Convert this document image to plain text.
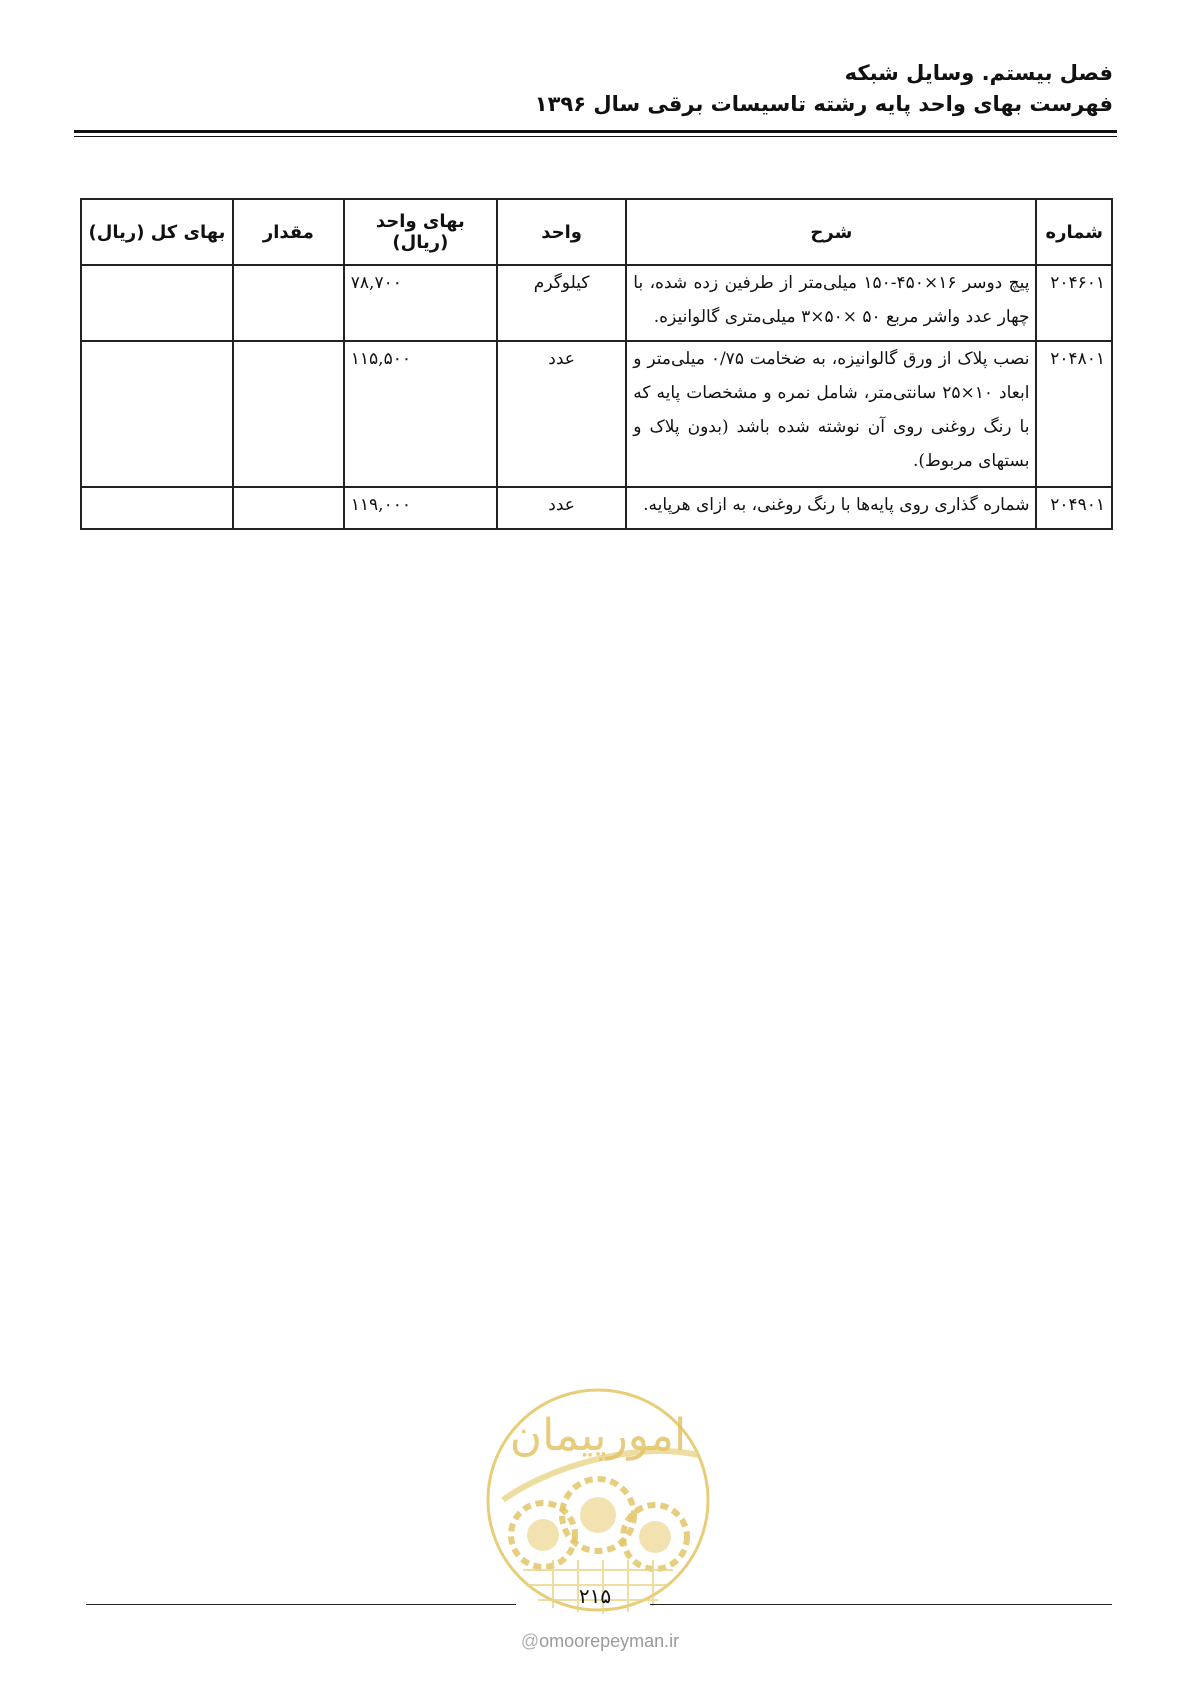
فصل بیستم. وسایل شبکه
فهرست بهای واحد پایه رشته تاسیسات برقی سال ۱۳۹۶
شماره	شرح	واحد	بهای واحد (ریال)	مقدار	بهای کل (ریال)
۲۰۴۶۰۱	پیچ دوسر ۱۶×۴۵۰-۱۵۰ میلی‌متر از طرفین زده شده، با چهار عدد واشر مربع ۵۰ ×۵۰×۳ میلی‌متری گالوانیزه.	کیلوگرم	۷۸,۷۰۰		
۲۰۴۸۰۱	نصب پلاک از ورق گالوانیزه، به ضخامت ۰/۷۵ میلی‌متر و ابعاد ۱۰×۲۵ سانتی‌متر، شامل نمره و مشخصات پایه که با رنگ روغنی روی آن نوشته شده باشد (بدون پلاک و بستهای مربوط).	عدد	۱۱۵,۵۰۰		
۲۰۴۹۰۱	شماره گذاری روی پایه‌ها با رنگ روغنی، به ازای هرپایه.	عدد	۱۱۹,۰۰۰		
امورپیمان
۲۱۵
@omoorepeyman.ir
